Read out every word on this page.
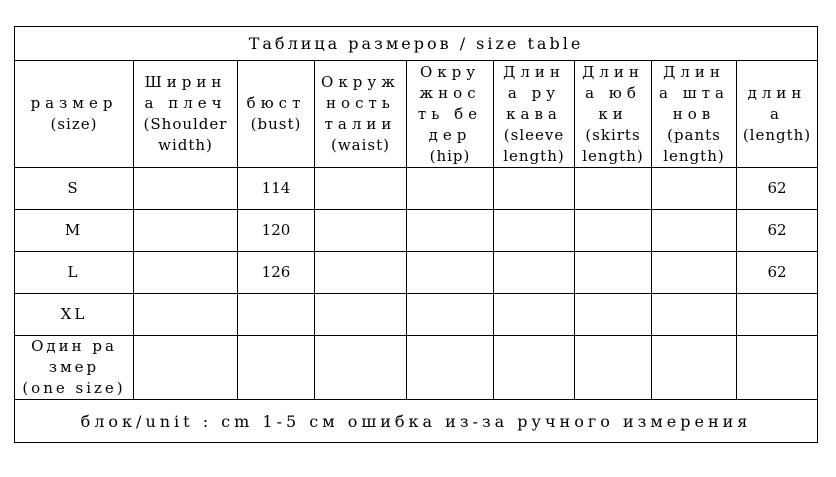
Таблица размеров / size table								

размер
(size)	Ширин
а плеч
(Shoulder
width)	бюст
(bust)	Окруж
ность
талии
(waist)	Окру
жнос
ть бе
дер
(hip)	Длин
а ру
кава
(sleeve
length)	Длин
а юб
ки
(skirts
length)	Длин
а шта
нов
(pants
length)	длин
а
(length)

S		114						62

M		120						62

L		126						62

XL								

Один ра
змер
(one size)								

блок/unit : cm 1-5 см ошибка из-за ручного измерения								
